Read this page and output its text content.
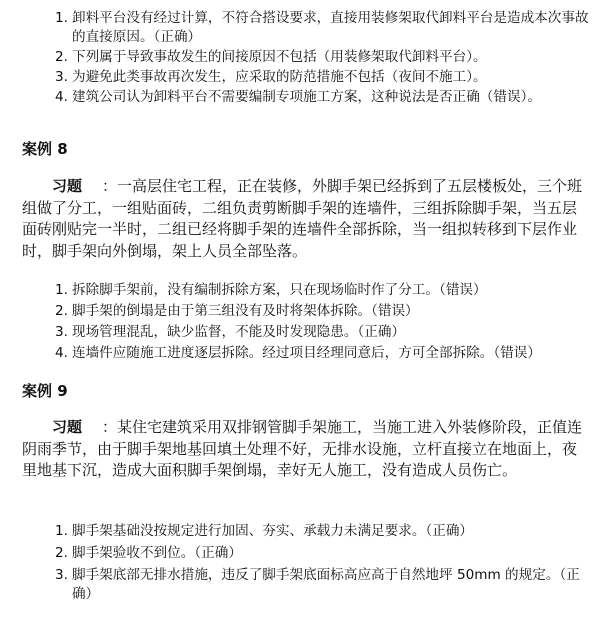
1. 卸料平台没有经过计算，不符合搭设要求，直接用装修架取代卸料平台是造成本次事故的直接原因。（正确）
2. 下列属于导致事故发生的间接原因不包括（用装修架取代卸料平台）。
3. 为避免此类事故再次发生，应采取的防范措施不包括（夜间不施工）。
4. 建筑公司认为卸料平台不需要编制专项施工方案，这种说法是否正确（错误）。
案例 8

习题 ：一高层住宅工程，正在装修，外脚手架已经拆到了五层楼板处，三个班组做了分工，一组贴面砖，二组负责剪断脚手架的连墙件，三组拆除脚手架，当五层面砖刚贴完一半时，二组已经将脚手架的连墙件全部拆除，当一组拟转移到下层作业时，脚手架向外倒塌，架上人员全部坠落。

1. 拆除脚手架前，没有编制拆除方案，只在现场临时作了分工。（错误）
2. 脚手架的倒塌是由于第三组没有及时将架体拆除。（错误）
3. 现场管理混乱，缺少监督，不能及时发现隐患。（正确）
4. 连墙件应随施工进度逐层拆除。经过项目经理同意后，方可全部拆除。（错误）
案例 9

习题 ：某住宅建筑采用双排钢管脚手架施工，当施工进入外装修阶段，正值连阴雨季节，由于脚手架地基回填土处理不好，无排水设施，立杆直接立在地面上，夜里地基下沉，造成大面积脚手架倒塌，幸好无人施工，没有造成人员伤亡。

1. 脚手架基础没按规定进行加固、夯实、承载力未满足要求。（正确）
2. 脚手架验收不到位。（正确）
3. 脚手架底部无排水措施，违反了脚手架底面标高应高于自然地坪 50mm 的规定。（正确）
